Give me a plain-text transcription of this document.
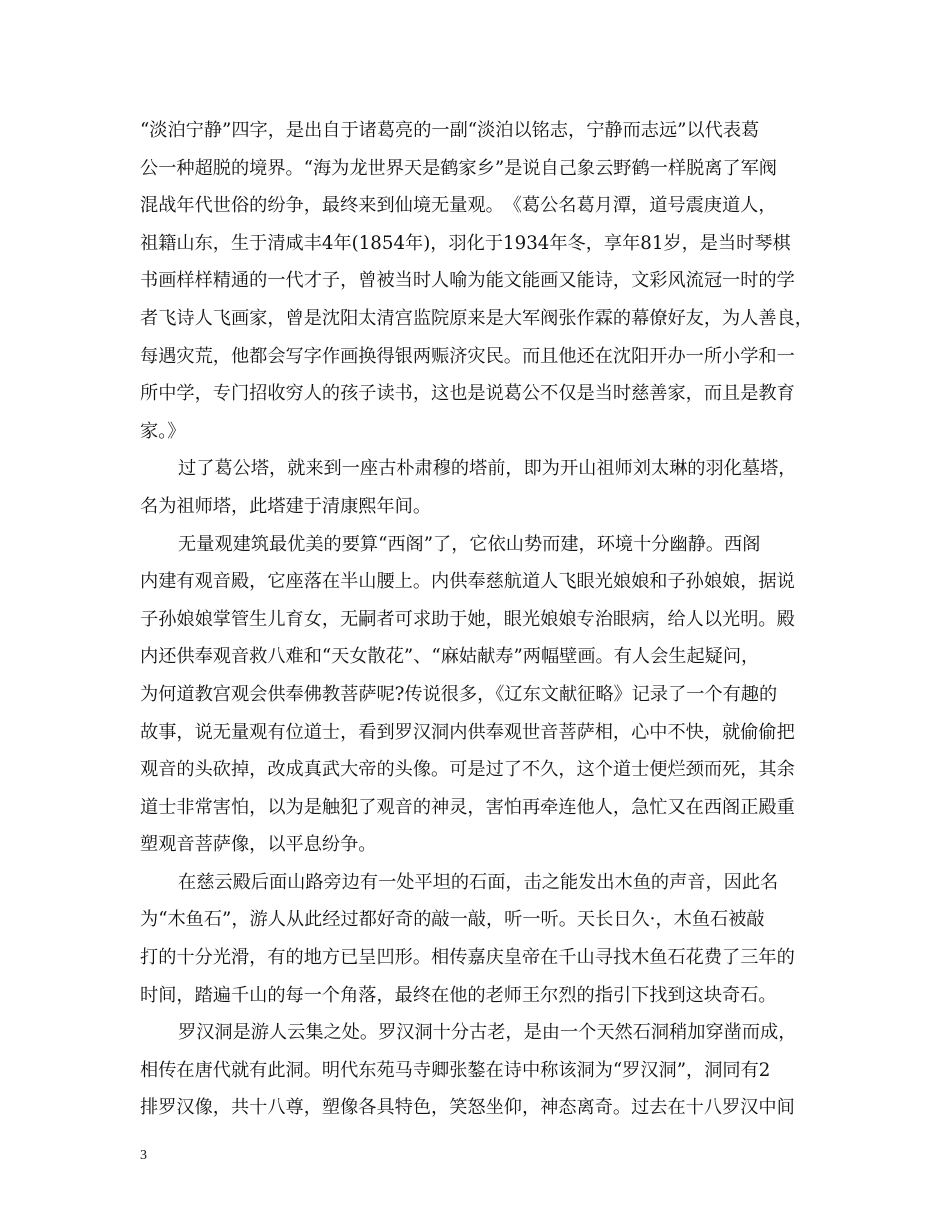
“淡泊宁静”四字，是出自于诸葛亮的一副“淡泊以铭志，宁静而志远”以代表葛
公一种超脱的境界。“海为龙世界天是鹤家乡”是说自己象云野鹤一样脱离了军阀
混战年代世俗的纷争，最终来到仙境无量观。　《葛公名葛月潭，道号震庚道人，
祖籍山东，生于清咸丰4年(1854年)，羽化于1934年冬，享年81岁，是当时琴棋
书画样样精通的一代才子，曾被当时人喻为能文能画又能诗，文彩风流冠一时的学
者飞诗人飞画家，曾是沈阳太清宫监院原来是大军阀张作霖的幕僚好友，为人善良，
每遇灾荒，他都会写字作画换得银两赈济灾民。而且他还在沈阳开办一所小学和一
所中学，专门招收穷人的孩子读书，这也是说葛公不仅是当时慈善家，而且是教育
家。》

过了葛公塔，就来到一座古朴肃穆的塔前，即为开山祖师刘太琳的羽化墓塔，
名为祖师塔，此塔建于清康熙年间。

无量观建筑最优美的要算“西阁”了，它依山势而建，环境十分幽静。西阁
内建有观音殿，它座落在半山腰上。内供奉慈航道人飞眼光娘娘和子孙娘娘，据说
子孙娘娘掌管生儿育女，无嗣者可求助于她，眼光娘娘专治眼病，给人以光明。殿
内还供奉观音救八难和“天女散花”、“麻姑献寿”两幅壁画。有人会生起疑问，
为何道教宫观会供奉佛教菩萨呢?传说很多，《辽东文献征略》记录了一个有趣的
故事，说无量观有位道士，看到罗汉洞内供奉观世音菩萨相，心中不快，就偷偷把
观音的头砍掉，改成真武大帝的头像。可是过了不久，这个道士便烂颈而死，其余
道士非常害怕，以为是触犯了观音的神灵，害怕再牵连他人，急忙又在西阁正殿重
塑观音菩萨像，以平息纷争。

在慈云殿后面山路旁边有一处平坦的石面，击之能发出木鱼的声音，因此名
为“木鱼石”，游人从此经过都好奇的敲一敲，听一听。天长日久·，木鱼石被敲
打的十分光滑，有的地方已呈凹形。相传嘉庆皇帝在千山寻找木鱼石花费了三年的
时间，踏遍千山的每一个角落，最终在他的老师王尔烈的指引下找到这块奇石。

罗汉洞是游人云集之处。罗汉洞十分古老，是由一个天然石洞稍加穿凿而成，
相传在唐代就有此洞。明代东苑马寺卿张鏊在诗中称该洞为“罗汉洞”，洞同有2
排罗汉像，共十八尊，塑像各具特色，笑怒坐仰，神态离奇。过去在十八罗汉中间

3
